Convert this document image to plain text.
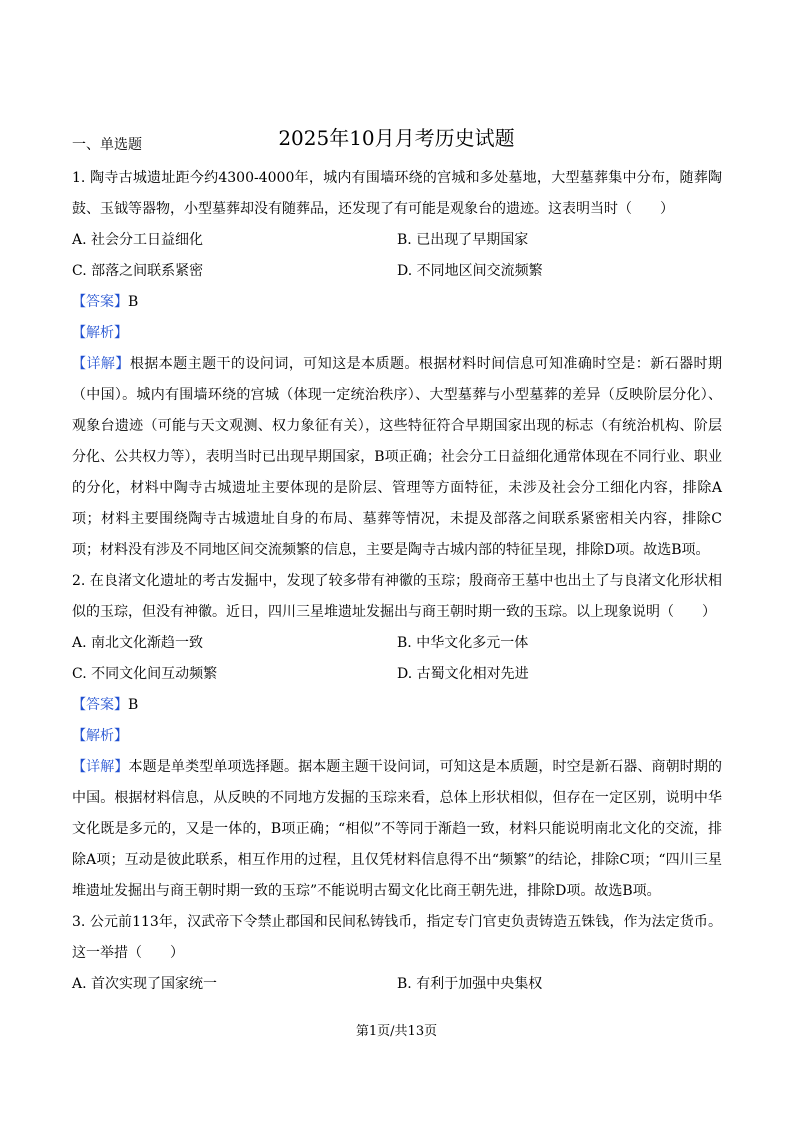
2025年10月月考历史试题
一、单选题

1. 陶寺古城遗址距今约4300-4000年，城内有围墙环绕的宫城和多处墓地，大型墓葬集中分布，随葬陶鼓、玉钺等器物，小型墓葬却没有随葬品，还发现了有可能是观象台的遗迹。这表明当时（　　）

A. 社会分工日益细化	B. 已出现了早期国家
C. 部落之间联系紧密	D. 不同地区间交流频繁

【答案】B

【解析】

【详解】根据本题主题干的设问词，可知这是本质题。根据材料时间信息可知准确时空是：新石器时期（中国）。城内有围墙环绕的宫城（体现一定统治秩序）、大型墓葬与小型墓葬的差异（反映阶层分化）、观象台遗迹（可能与天文观测、权力象征有关），这些特征符合早期国家出现的标志（有统治机构、阶层分化、公共权力等），表明当时已出现早期国家，B项正确；社会分工日益细化通常体现在不同行业、职业的分化，材料中陶寺古城遗址主要体现的是阶层、管理等方面特征，未涉及社会分工细化内容，排除A项；材料主要围绕陶寺古城遗址自身的布局、墓葬等情况，未提及部落之间联系紧密相关内容，排除C项；材料没有涉及不同地区间交流频繁的信息，主要是陶寺古城内部的特征呈现，排除D项。故选B项。

2. 在良渚文化遗址的考古发掘中，发现了较多带有神徽的玉琮；殷商帝王墓中也出土了与良渚文化形状相似的玉琮，但没有神徽。近日，四川三星堆遗址发掘出与商王朝时期一致的玉琮。以上现象说明（　　）

A. 南北文化渐趋一致	B. 中华文化多元一体
C. 不同文化间互动频繁	D. 古蜀文化相对先进

【答案】B

【解析】

【详解】本题是单类型单项选择题。据本题主题干设问词，可知这是本质题，时空是新石器、商朝时期的中国。根据材料信息，从反映的不同地方发掘的玉琮来看，总体上形状相似，但存在一定区别，说明中华文化既是多元的，又是一体的，B项正确；“相似”不等同于渐趋一致，材料只能说明南北文化的交流，排除A项；互动是彼此联系，相互作用的过程，且仅凭材料信息得不出“频繁”的结论，排除C项；“四川三星堆遗址发掘出与商王朝时期一致的玉琮”不能说明古蜀文化比商王朝先进，排除D项。故选B项。

3. 公元前113年，汉武帝下令禁止郡国和民间私铸钱币，指定专门官吏负责铸造五铢钱，作为法定货币。这一举措（　　）

A. 首次实现了国家统一	B. 有利于加强中央集权
第1页/共13页
